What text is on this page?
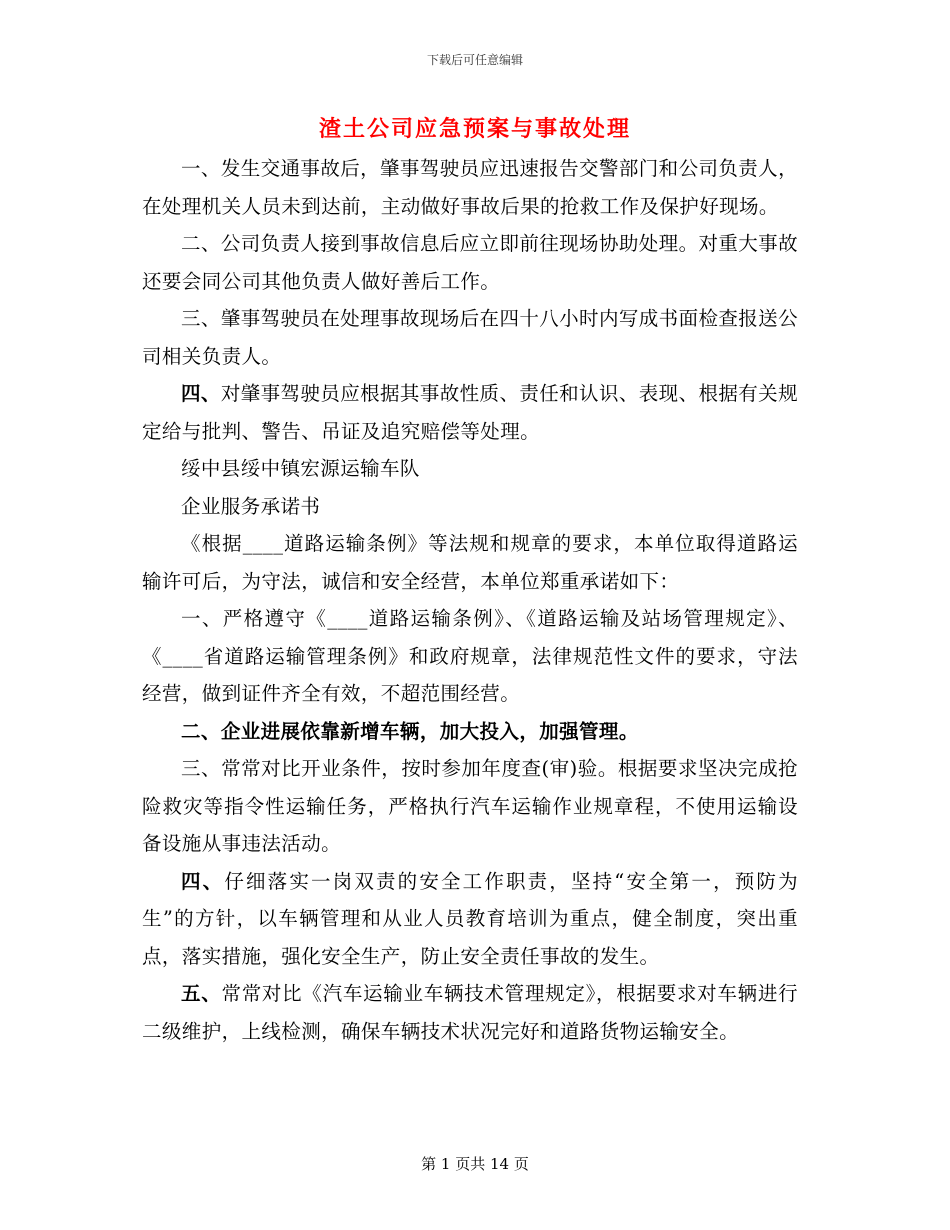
下载后可任意编辑
渣土公司应急预案与事故处理

一、发生交通事故后，肇事驾驶员应迅速报告交警部门和公司负责人，在处理机关人员未到达前，主动做好事故后果的抢救工作及保护好现场。

二、公司负责人接到事故信息后应立即前往现场协助处理。对重大事故还要会同公司其他负责人做好善后工作。

三、肇事驾驶员在处理事故现场后在四十八小时内写成书面检查报送公司相关负责人。

四、对肇事驾驶员应根据其事故性质、责任和认识、表现、根据有关规定给与批判、警告、吊证及追究赔偿等处理。

绥中县绥中镇宏源运输车队

企业服务承诺书

《根据____道路运输条例》等法规和规章的要求，本单位取得道路运输许可后，为守法，诚信和安全经营，本单位郑重承诺如下：

一、严格遵守《____道路运输条例》、《道路运输及站场管理规定》、《____省道路运输管理条例》和政府规章，法律规范性文件的要求，守法经营，做到证件齐全有效，不超范围经营。

二、企业进展依靠新增车辆，加大投入，加强管理。

三、常常对比开业条件，按时参加年度查(审)验。根据要求坚决完成抢险救灾等指令性运输任务，严格执行汽车运输作业规章程，不使用运输设备设施从事违法活动。

四、仔细落实一岗双责的安全工作职责，坚持“安全第一，预防为生”的方针，以车辆管理和从业人员教育培训为重点，健全制度，突出重点，落实措施，强化安全生产，防止安全责任事故的发生。

五、常常对比《汽车运输业车辆技术管理规定》，根据要求对车辆进行二级维护，上线检测，确保车辆技术状况完好和道路货物运输安全。

第 1 页共 14 页
